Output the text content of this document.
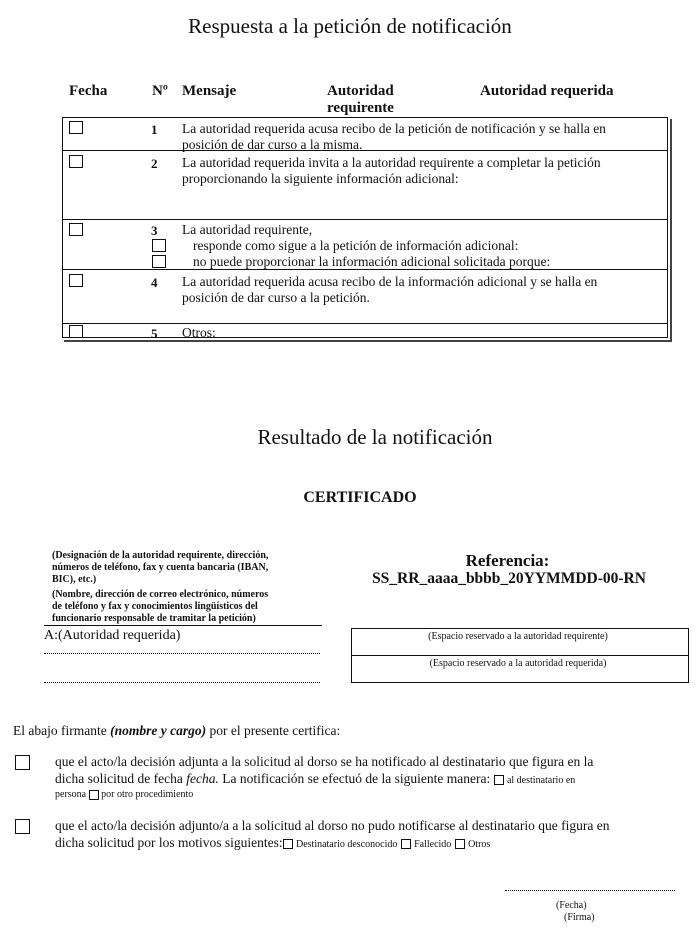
Respuesta a la petición de notificación
Fecha	Nº Mensaje	Autoridad
requirente
Autoridad requerida
1 La autoridad requerida acusa recibo de la petición de notificación y se halla en
posición de dar curso a la misma.
2 La autoridad requerida invita a la autoridad requirente a completar la petición
proporcionando la siguiente información adicional:
3 La autoridad requirente,
responde como sigue a la petición de información adicional:
no puede proporcionar la información adicional solicitada porque:
4 La autoridad requerida acusa recibo de la información adicional y se halla en
posición de dar curso a la petición.
5 Otros:
Resultado de la notificación
CERTIFICADO
(Designación de la autoridad requirente, dirección,
números de teléfono, fax y cuenta bancaria (IBAN,
BIC), etc.)
(Nombre, dirección de correo electrónico, números
de teléfono y fax y conocimientos lingüísticos del
funcionario responsable de tramitar la petición)
A:(Autoridad requerida)
Referencia:
SS_RR_aaaa_bbbb_20YYMMDD-00-RN
(Espacio reservado a la autoridad requirente)
(Espacio reservado a la autoridad requerida)
El abajo firmante (nombre y cargo) por el presente certifica:
que el acto/la decisión adjunta a la solicitud al dorso se ha notificado al destinatario que figura en la
dicha solicitud de fecha fecha. La notificación se efectuó de la siguiente manera:  al destinatario en
persona por otro procedimiento
que el acto/la decisión adjunto/a a la solicitud al dorso no pudo notificarse al destinatario que figura en
dicha solicitud por los motivos siguientes: Destinatario desconocido Fallecido Otros
(Fecha)
(Firma)
